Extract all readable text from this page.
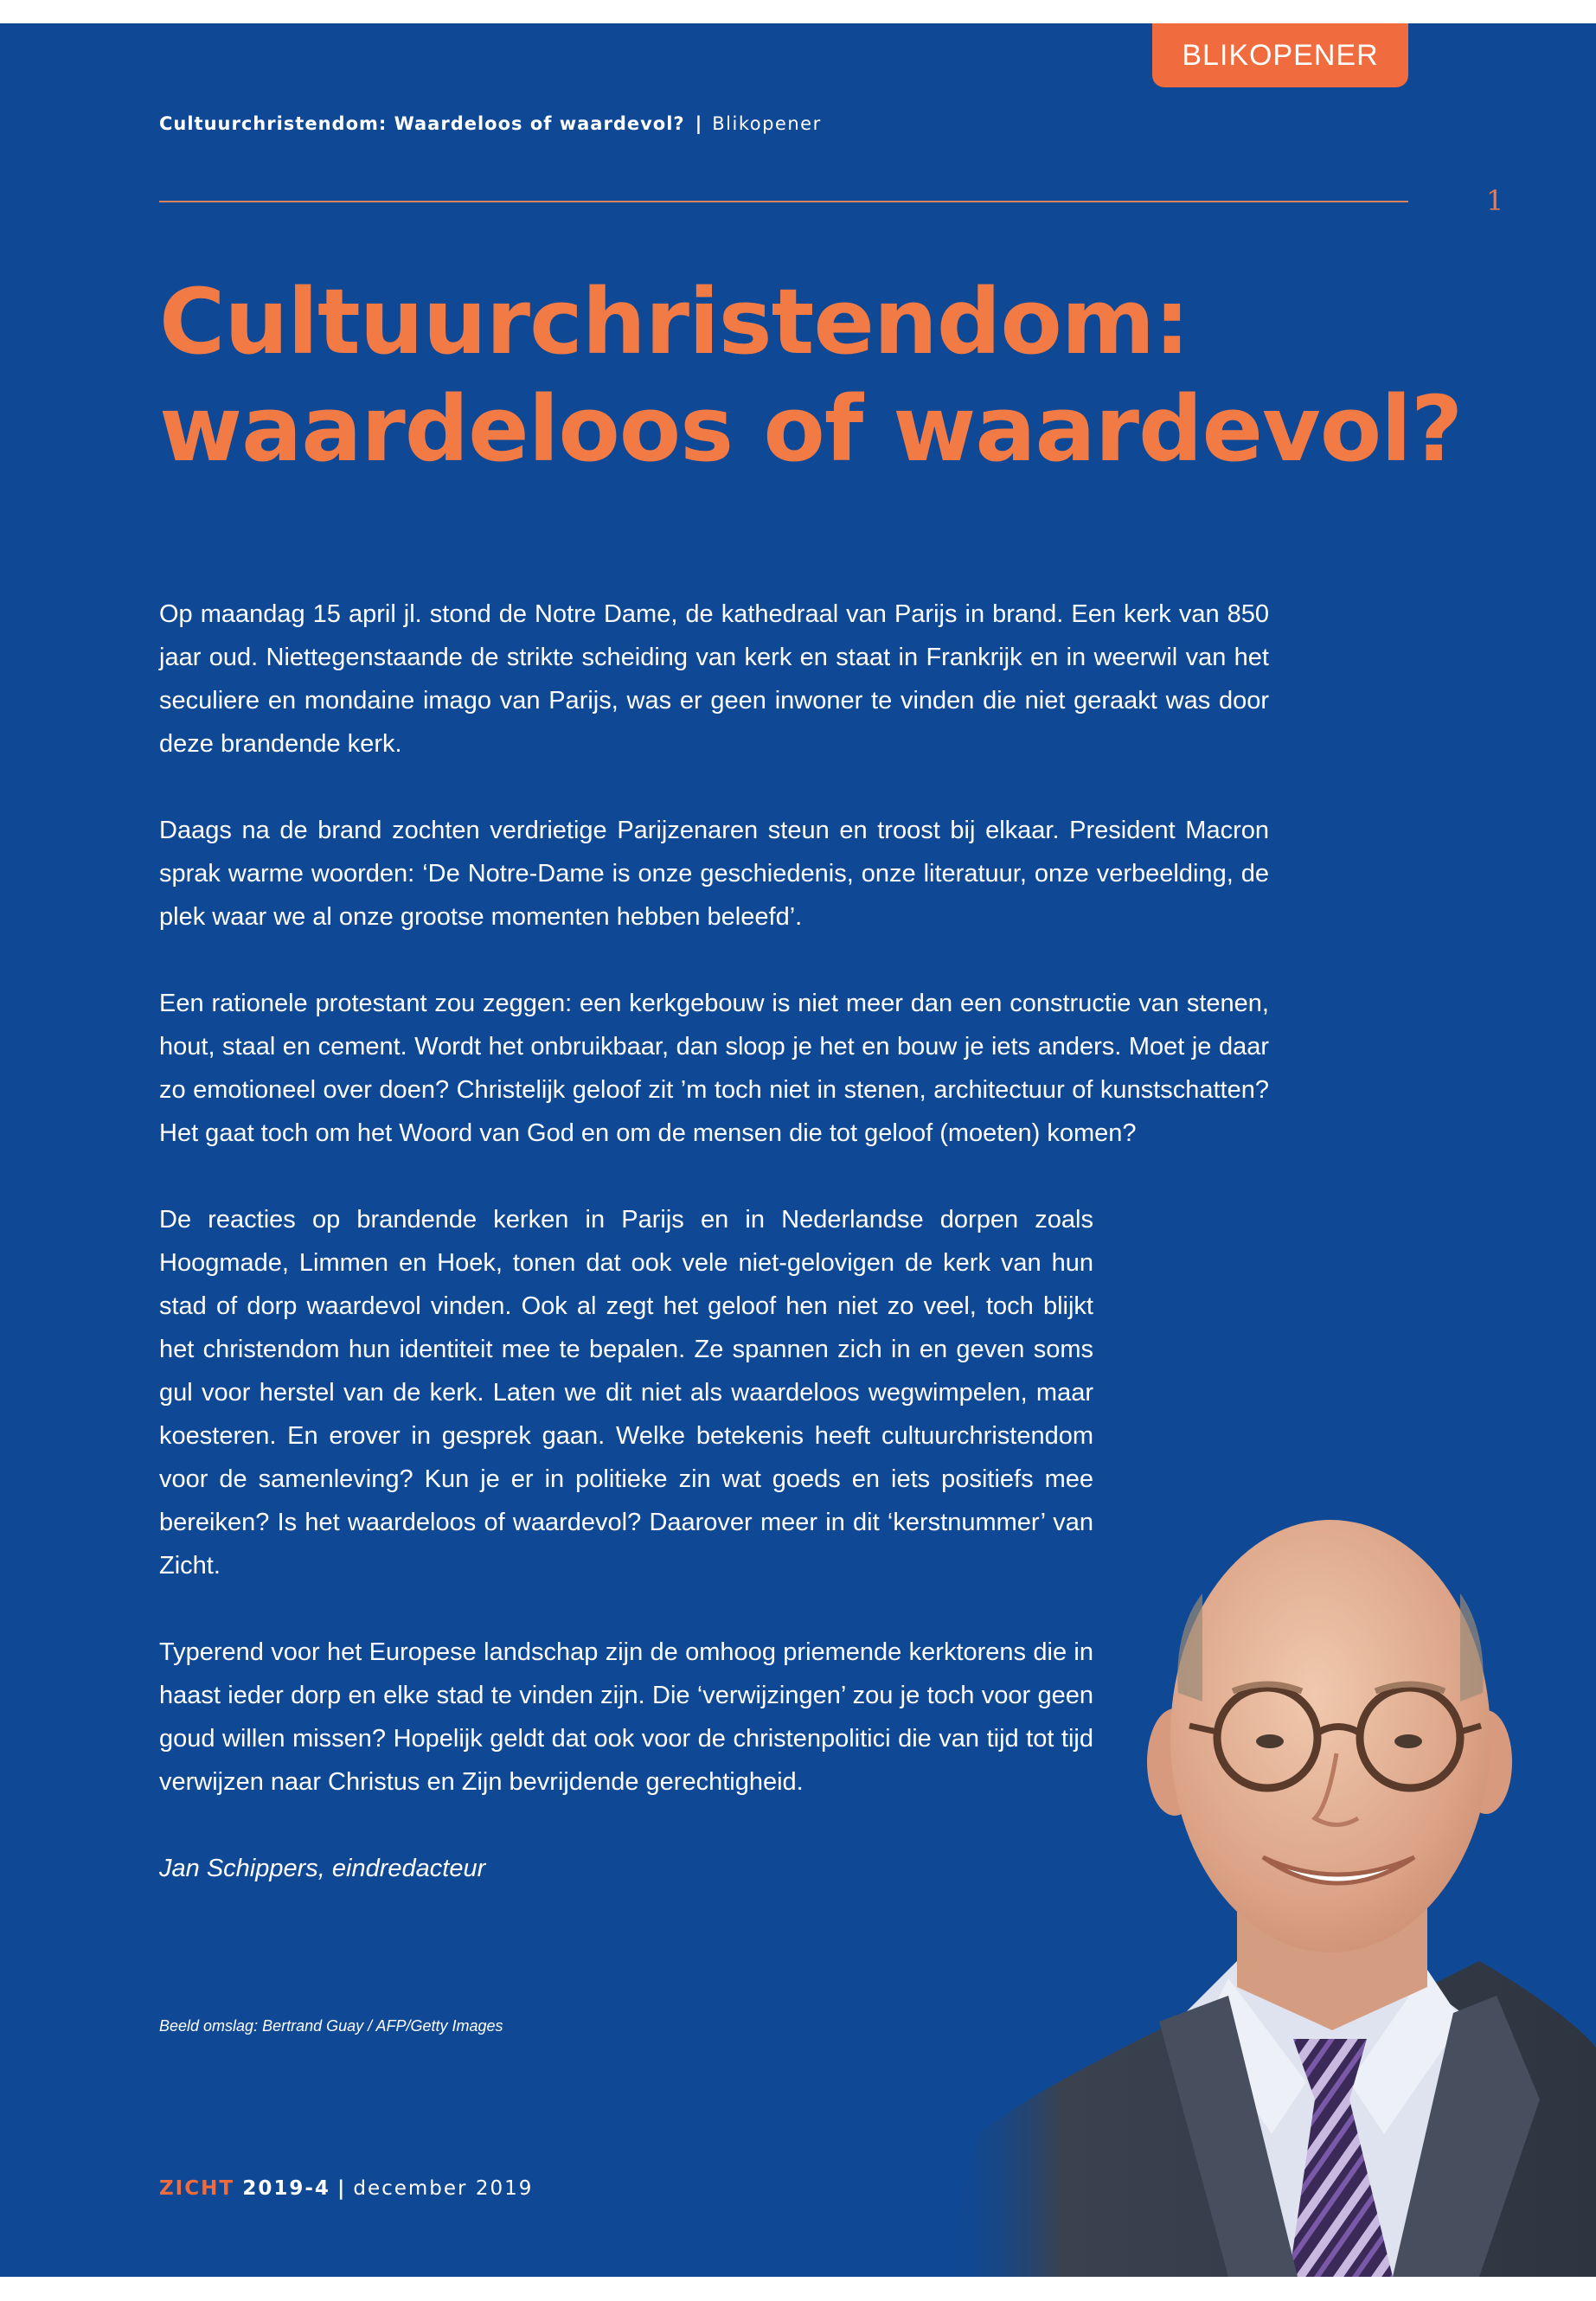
BLIKOPENER
Cultuurchristendom: Waardeloos of waardevol? | Blikopener
1
Cultuurchristendom:
waardeloos of waardevol?

Op maandag 15 april jl. stond de Notre Dame, de kathedraal van Parijs in brand. Een kerk van 850 jaar oud. Niettegenstaande de strikte scheiding van kerk en staat in Frankrijk en in weerwil van het seculiere en mondaine imago van Parijs, was er geen inwoner te vinden die niet geraakt was door deze brandende kerk.

Daags na de brand zochten verdrietige Parijzenaren steun en troost bij elkaar. President Macron sprak warme woorden: ‘De Notre-Dame is onze geschiedenis, onze literatuur, onze verbeelding, de plek waar we al onze grootse momenten hebben beleefd’.

Een rationele protestant zou zeggen: een kerkgebouw is niet meer dan een constructie van stenen, hout, staal en cement. Wordt het onbruikbaar, dan sloop je het en bouw je iets anders. Moet je daar zo emotioneel over doen? Christelijk geloof zit ’m toch niet in stenen, architectuur of kunstschatten? Het gaat toch om het Woord van God en om de mensen die tot geloof (moeten) komen?

De reacties op brandende kerken in Parijs en in Nederlandse dorpen zoals Hoogmade, Limmen en Hoek, tonen dat ook vele niet-gelovigen de kerk van hun stad of dorp waardevol vinden. Ook al zegt het geloof hen niet zo veel, toch blijkt het christendom hun identiteit mee te bepalen. Ze spannen zich in en geven soms gul voor herstel van de kerk. Laten we dit niet als waardeloos wegwimpelen, maar koesteren. En erover in gesprek gaan. Welke betekenis heeft cultuurchristendom voor de samenleving? Kun je er in politieke zin wat goeds en iets positiefs mee bereiken? Is het waardeloos of waardevol? Daarover meer in dit ‘kerstnummer’ van Zicht.

Typerend voor het Europese landschap zijn de omhoog priemende kerktorens die in haast ieder dorp en elke stad te vinden zijn. Die ‘verwijzingen’ zou je toch voor geen goud willen missen? Hopelijk geldt dat ook voor de christenpolitici die van tijd tot tijd verwijzen naar Christus en Zijn bevrijdende gerechtigheid.

Jan Schippers, eindredacteur

Beeld omslag: Bertrand Guay / AFP/Getty Images
ZICHT 2019-4 | december 2019
